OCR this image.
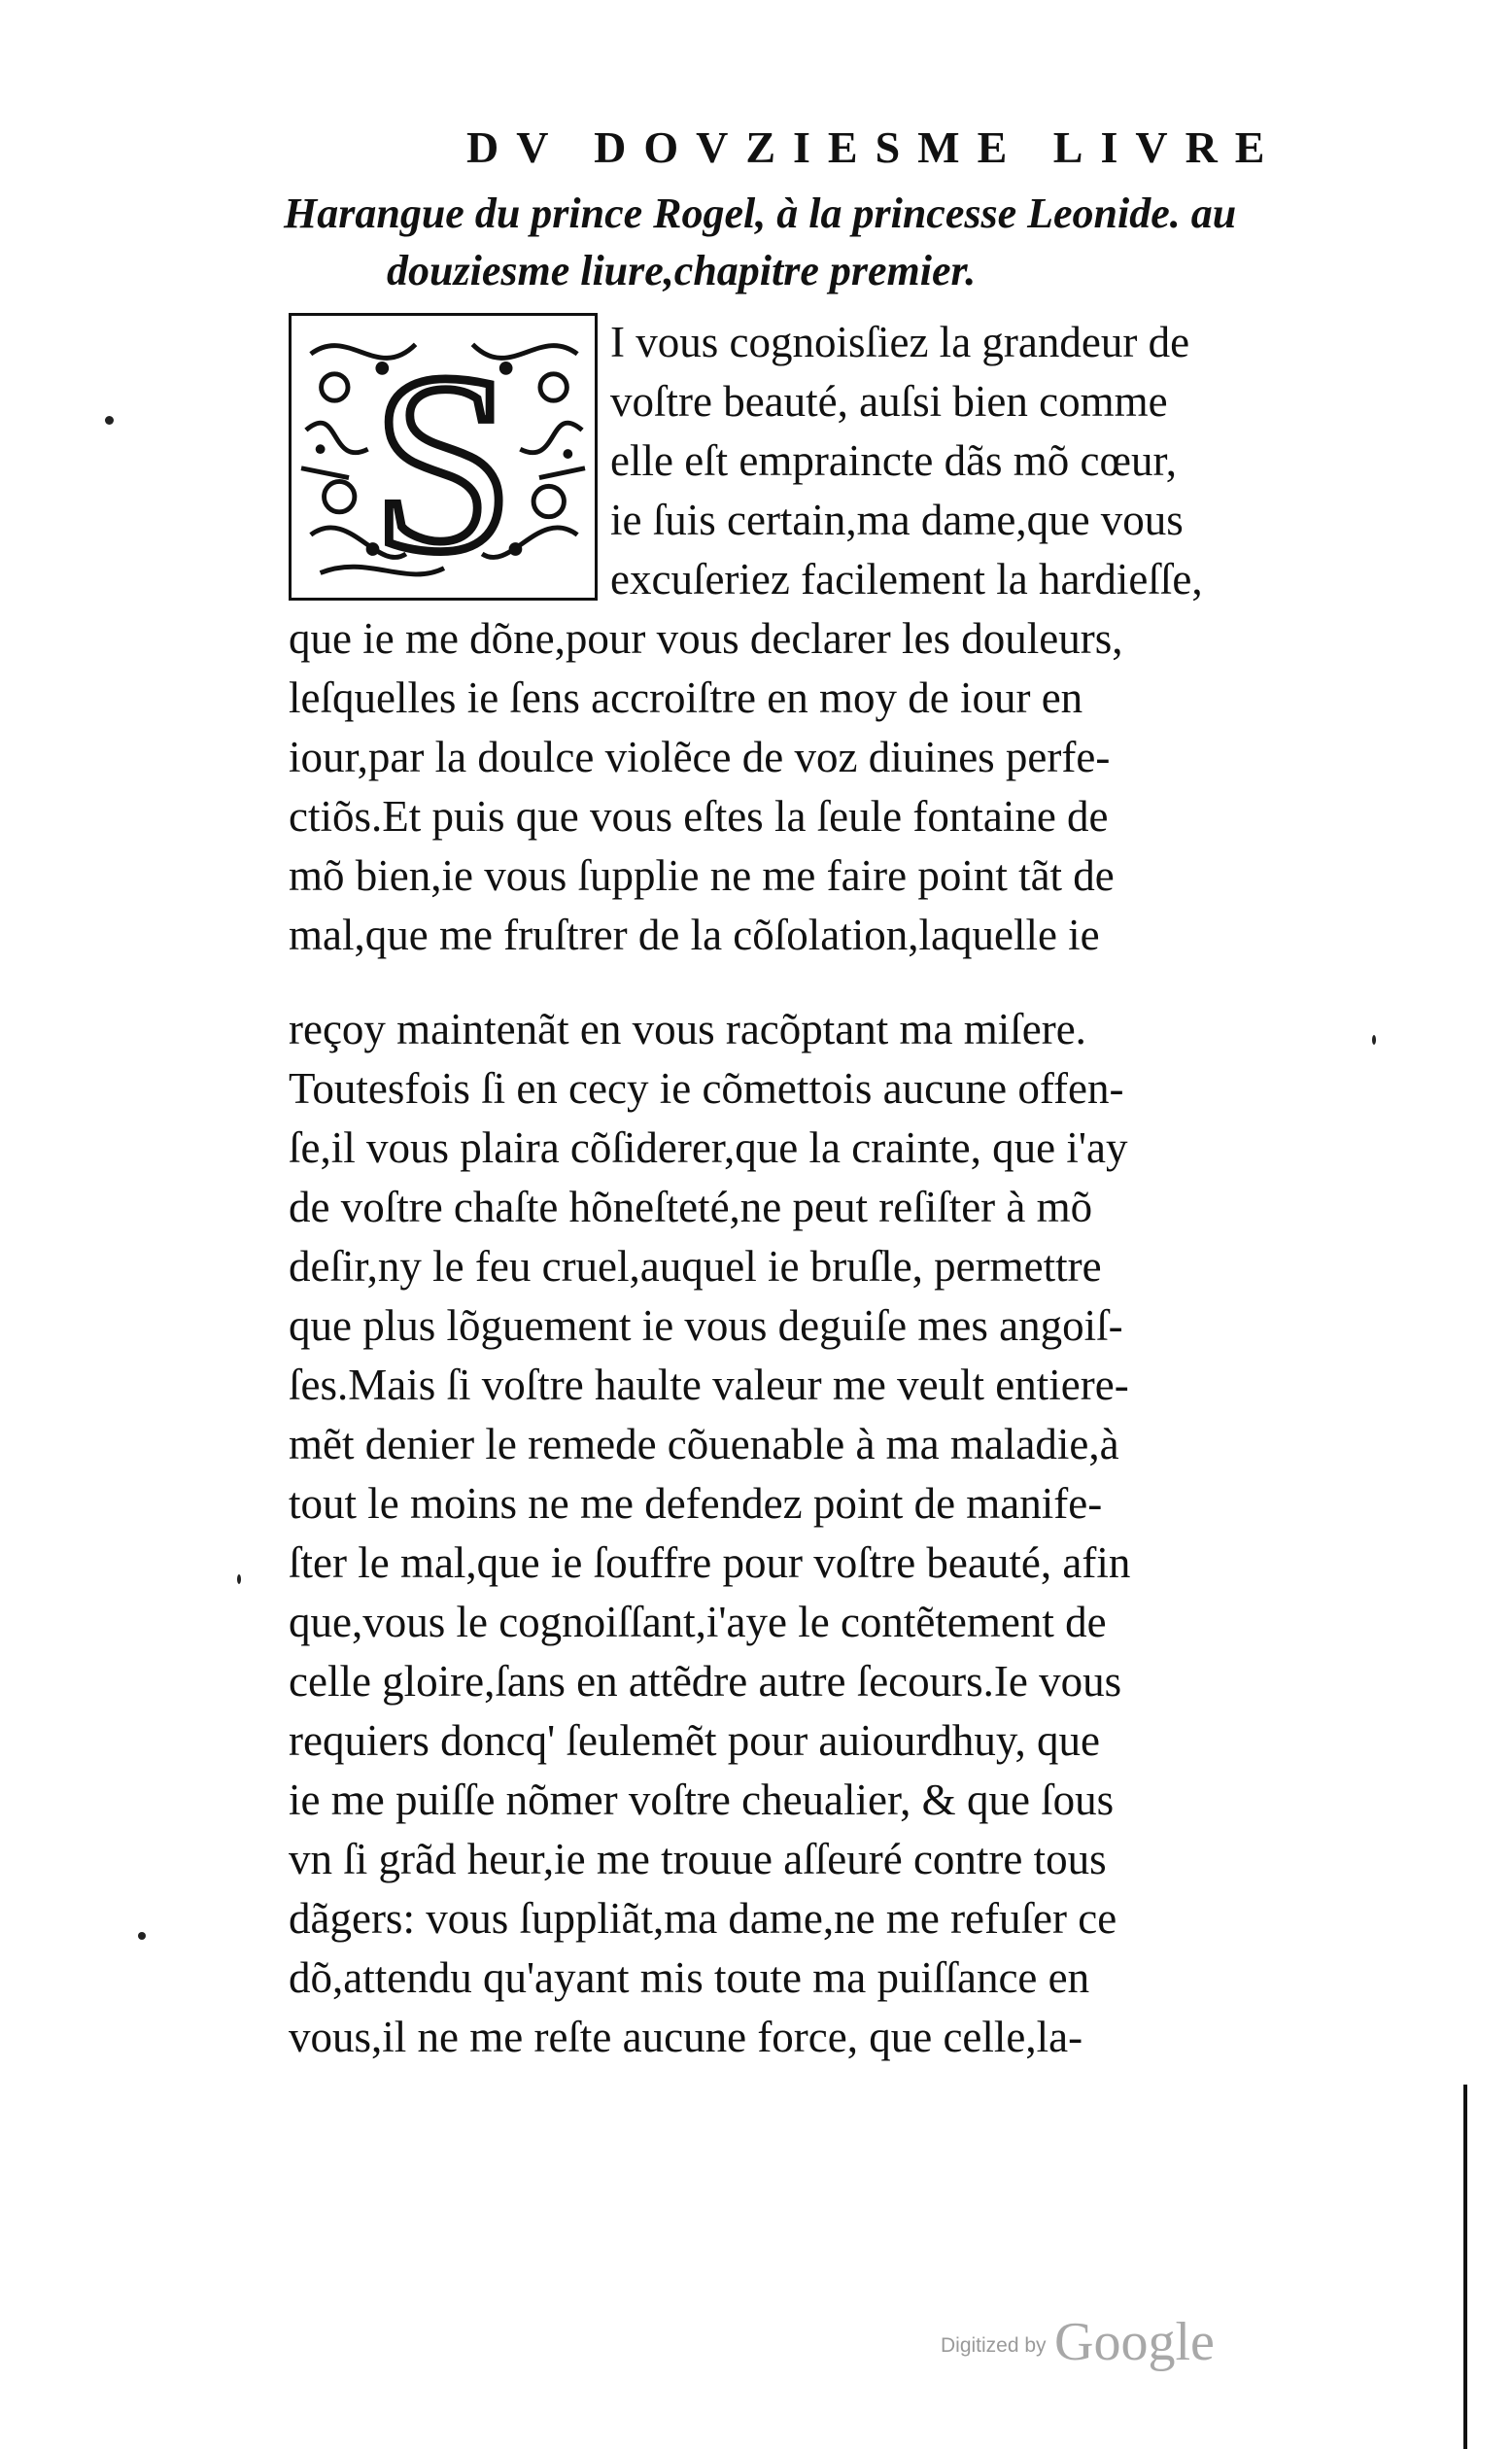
DV DOVZIESME LIVRE
Harangue du prince Rogel, à la princesse Leonide. au
douziesme liure,chapitre premier.
S I vous cognoisſiez la grandeur de
voſtre beauté, auſsi bien comme
elle eſt empraincte dãs mõ cœur,
ie ſuis certain,ma dame,que vous
excuſeriez facilement la hardieſſe,
que ie me dõne,pour vous declarer les douleurs,
leſquelles ie ſens accroiſtre en moy de iour en
iour,par la doulce violẽce de voz diuines perfe-
ctiõs.Et puis que vous eſtes la ſeule fontaine de
mõ bien,ie vous ſupplie ne me faire point tãt de
mal,que me fruſtrer de la cõſolation,laquelle ie
reçoy maintenãt en vous racõptant ma miſere.
Toutesfois ſi en cecy ie cõmettois aucune offen-
ſe,il vous plaira cõſiderer,que la crainte, que i'ay
de voſtre chaſte hõneſteté,ne peut reſiſter à mõ
deſir,ny le feu cruel,auquel ie bruſle, permettre
que plus lõguement ie vous deguiſe mes angoiſ-
ſes.Mais ſi voſtre haulte valeur me veult entiere-
mẽt denier le remede cõuenable à ma maladie,à
tout le moins ne me defendez point de manife-
ſter le mal,que ie ſouffre pour voſtre beauté, afin
que,vous le cognoiſſant,i'aye le contẽtement de
celle gloire,ſans en attẽdre autre ſecours.Ie vous
requiers doncq' ſeulemẽt pour auiourdhuy, que
ie me puiſſe nõmer voſtre cheualier, & que ſous
vn ſi grãd heur,ie me trouue aſſeuré contre tous
dãgers: vous ſuppliãt,ma dame,ne me refuſer ce
dõ,attendu qu'ayant mis toute ma puiſſance en
vous,il ne me reſte aucune force, que celle,la-
Digitized by Google
